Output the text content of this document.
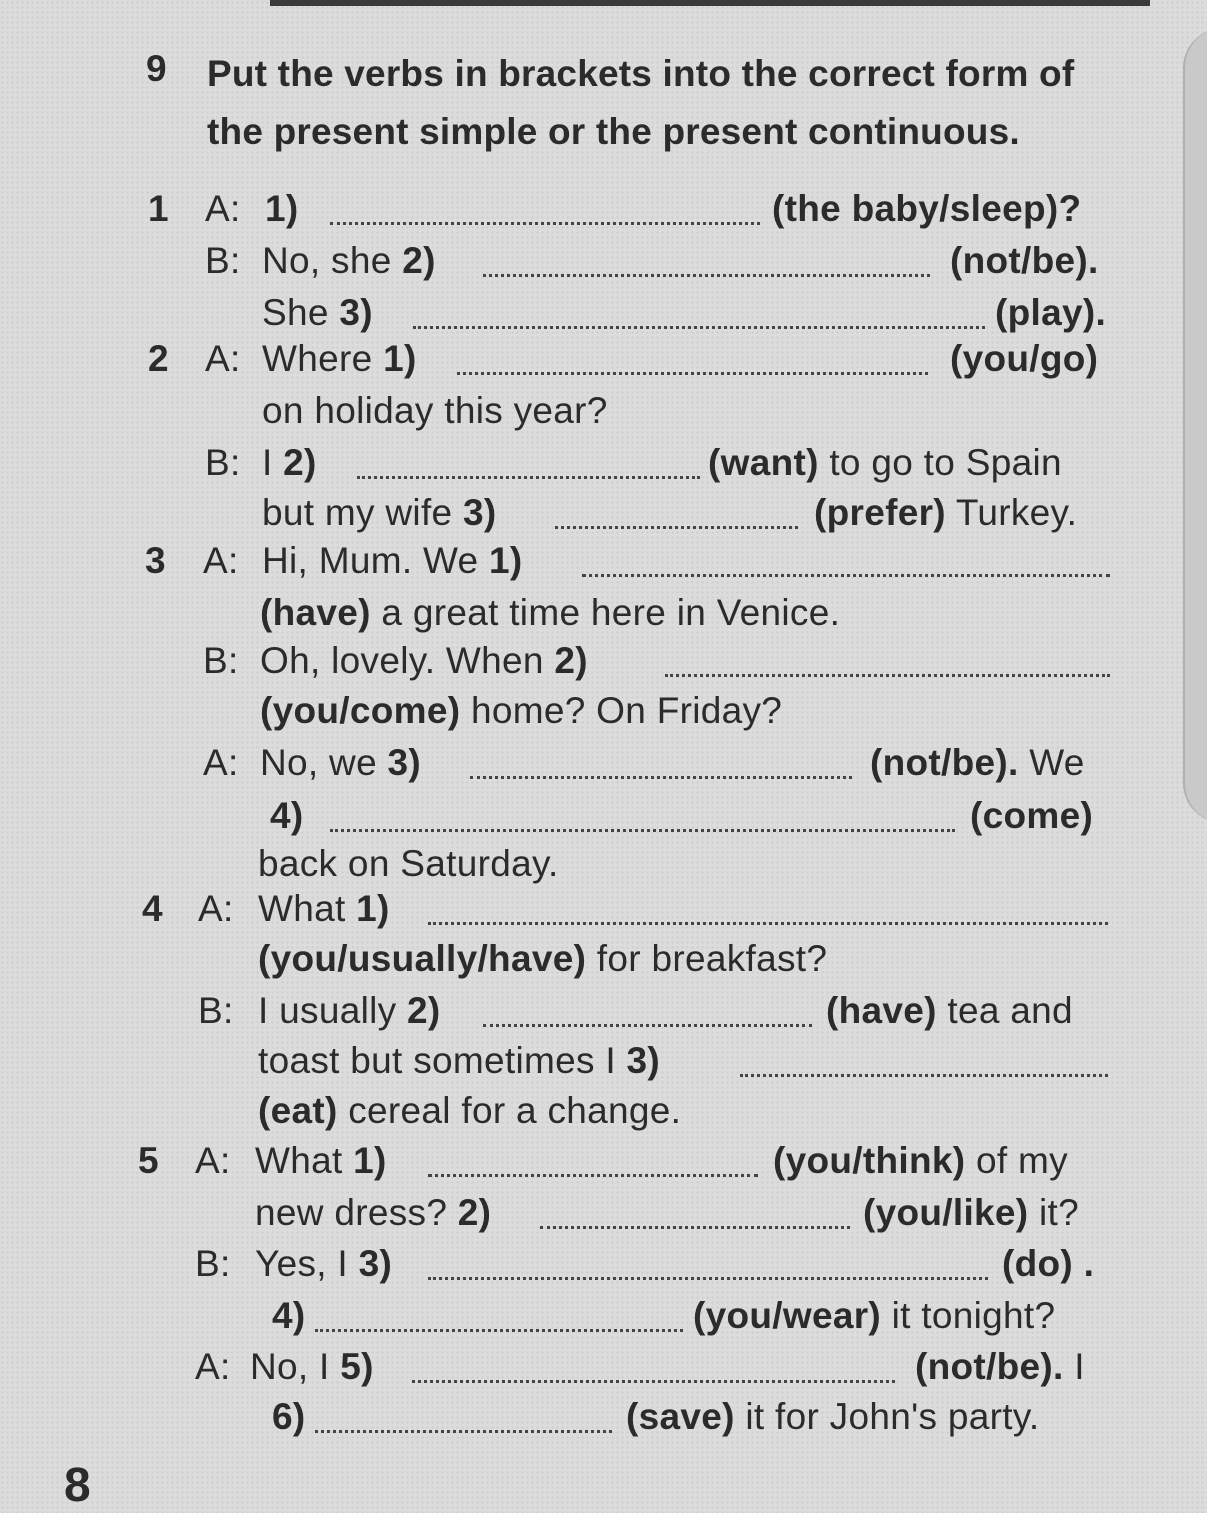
9 Put the verbs in brackets into the correct form of
the present simple or the present continuous.
1 A: 1)	(the baby/sleep)?
B: No, she 2)	(not/be).
She 3)	(play).
2 A: Where 1)	(you/go)
on holiday this year?
B: I 2)	(want) to go to Spain
but my wife 3)	(prefer) Turkey.
3 A: Hi, Mum. We 1)
(have) a great time here in Venice.
B: Oh, lovely. When 2)
(you/come) home? On Friday?
A: No, we 3)	(not/be). We
4)	(come)
back on Saturday.
4 A: What 1)
(you/usually/have) for breakfast?
B: I usually 2)	(have) tea and
toast but sometimes I 3)
(eat) cereal for a change.
5 A: What 1)	(you/think) of my
new dress? 2)	(you/like) it?
B: Yes, I 3)	(do) .
4)	(you/wear) it tonight?
A: No, I 5)	(not/be). I
6)	(save) it for John's party.
8
